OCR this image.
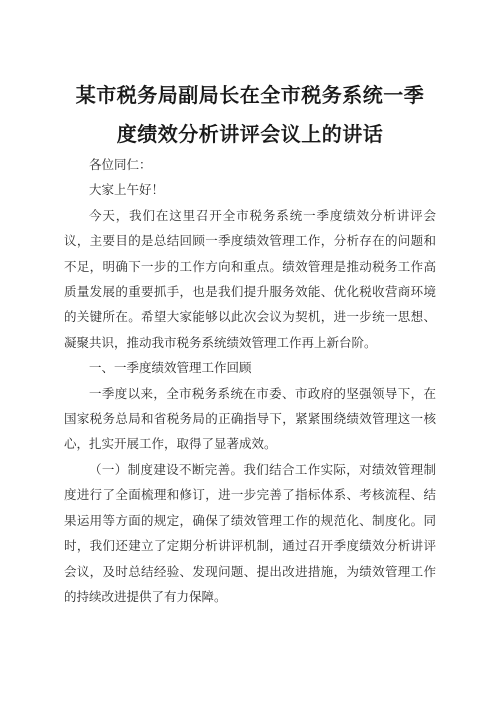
某市税务局副局长在全市税务系统一季
度绩效分析讲评会议上的讲话

各位同仁：

大家上午好！

今天，我们在这里召开全市税务系统一季度绩效分析讲评会议，主要目的是总结回顾一季度绩效管理工作，分析存在的问题和不足，明确下一步的工作方向和重点。绩效管理是推动税务工作高质量发展的重要抓手，也是我们提升服务效能、优化税收营商环境的关键所在。希望大家能够以此次会议为契机，进一步统一思想、凝聚共识，推动我市税务系统绩效管理工作再上新台阶。

一、一季度绩效管理工作回顾

一季度以来，全市税务系统在市委、市政府的坚强领导下，在国家税务总局和省税务局的正确指导下，紧紧围绕绩效管理这一核心，扎实开展工作，取得了显著成效。

（一）制度建设不断完善。我们结合工作实际，对绩效管理制度进行了全面梳理和修订，进一步完善了指标体系、考核流程、结果运用等方面的规定，确保了绩效管理工作的规范化、制度化。同时，我们还建立了定期分析讲评机制，通过召开季度绩效分析讲评会议，及时总结经验、发现问题、提出改进措施，为绩效管理工作的持续改进提供了有力保障。
